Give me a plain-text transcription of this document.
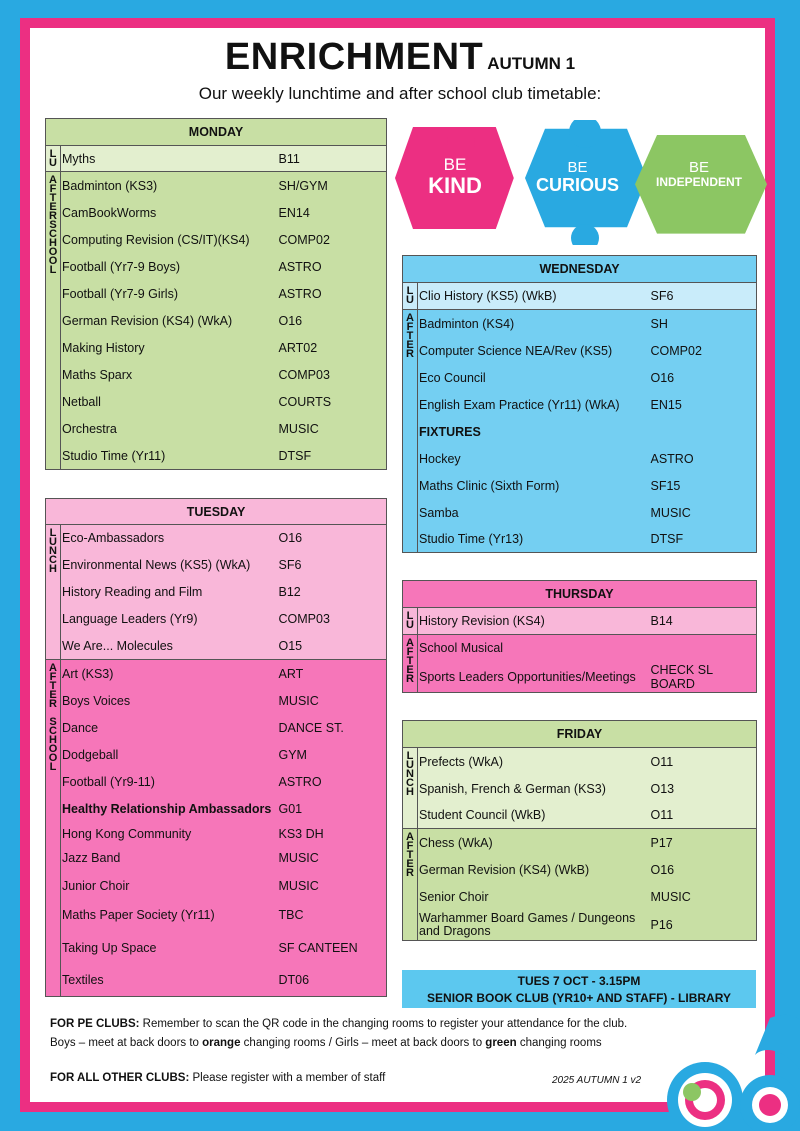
ENRICHMENT AUTUMN 1
Our weekly lunchtime and after school club timetable:
BE
KIND
BE
CURIOUS
BE
INDEPENDENT
MONDAY		
LU	Myths	B11
AFTERSCHOOL	Badminton (KS3)	SH/GYM
	CamBookWorms	EN14
	Computing Revision (CS/IT)(KS4)	COMP02
	Football (Yr7-9 Boys)	ASTRO
	Football (Yr7-9 Girls)	ASTRO
	German Revision (KS4) (WkA)	O16
	Making History	ART02
	Maths Sparx	COMP03
	Netball	COURTS
	Orchestra	MUSIC
	Studio Time (Yr11)	DTSF
TUESDAY		
LUNCH	Eco-Ambassadors	O16
	Environmental News (KS5) (WkA)	SF6
	History Reading and Film	B12
	Language Leaders (Yr9)	COMP03
	We Are... Molecules	O15
AFTER SCHOOL	Art (KS3)	ART
	Boys Voices	MUSIC
	Dance	DANCE ST.
	Dodgeball	GYM
	Football (Yr9-11)	ASTRO
	Healthy Relationship Ambassadors	G01
	Hong Kong Community	KS3 DH
	Jazz Band	MUSIC
	Junior Choir	MUSIC
	Maths Paper Society (Yr11)	TBC
	Taking Up Space	SF CANTEEN
	Textiles	DT06
WEDNESDAY		
LU	Clio History (KS5) (WkB)	SF6
AFTER	Badminton (KS4)	SH
	Computer Science NEA/Rev (KS5)	COMP02
	Eco Council	O16
	English Exam Practice (Yr11) (WkA)	EN15
	FIXTURES	
	Hockey	ASTRO
	Maths Clinic (Sixth Form)	SF15
	Samba	MUSIC
	Studio Time (Yr13)	DTSF
THURSDAY		
LU	History Revision (KS4)	B14
AFTER	School Musical	
	Sports Leaders Opportunities/Meetings	CHECK SL BOARD
FRIDAY		
LUNCH	Prefects (WkA)	O11
	Spanish, French & German (KS3)	O13
	Student Council (WkB)	O11
AFTER	Chess (WkA)	P17
	German Revision (KS4) (WkB)	O16
	Senior Choir	MUSIC
	Warhammer Board Games / Dungeons and Dragons	P16
TUES 7 OCT - 3.15PM
SENIOR BOOK CLUB (YR10+ AND STAFF) - LIBRARY
FOR PE CLUBS: Remember to scan the QR code in the changing rooms to register your attendance for the club.
Boys – meet at back doors to orange changing rooms / Girls – meet at back doors to green changing rooms
FOR ALL OTHER CLUBS: Please register with a member of staff	2025 AUTUMN 1 v2
